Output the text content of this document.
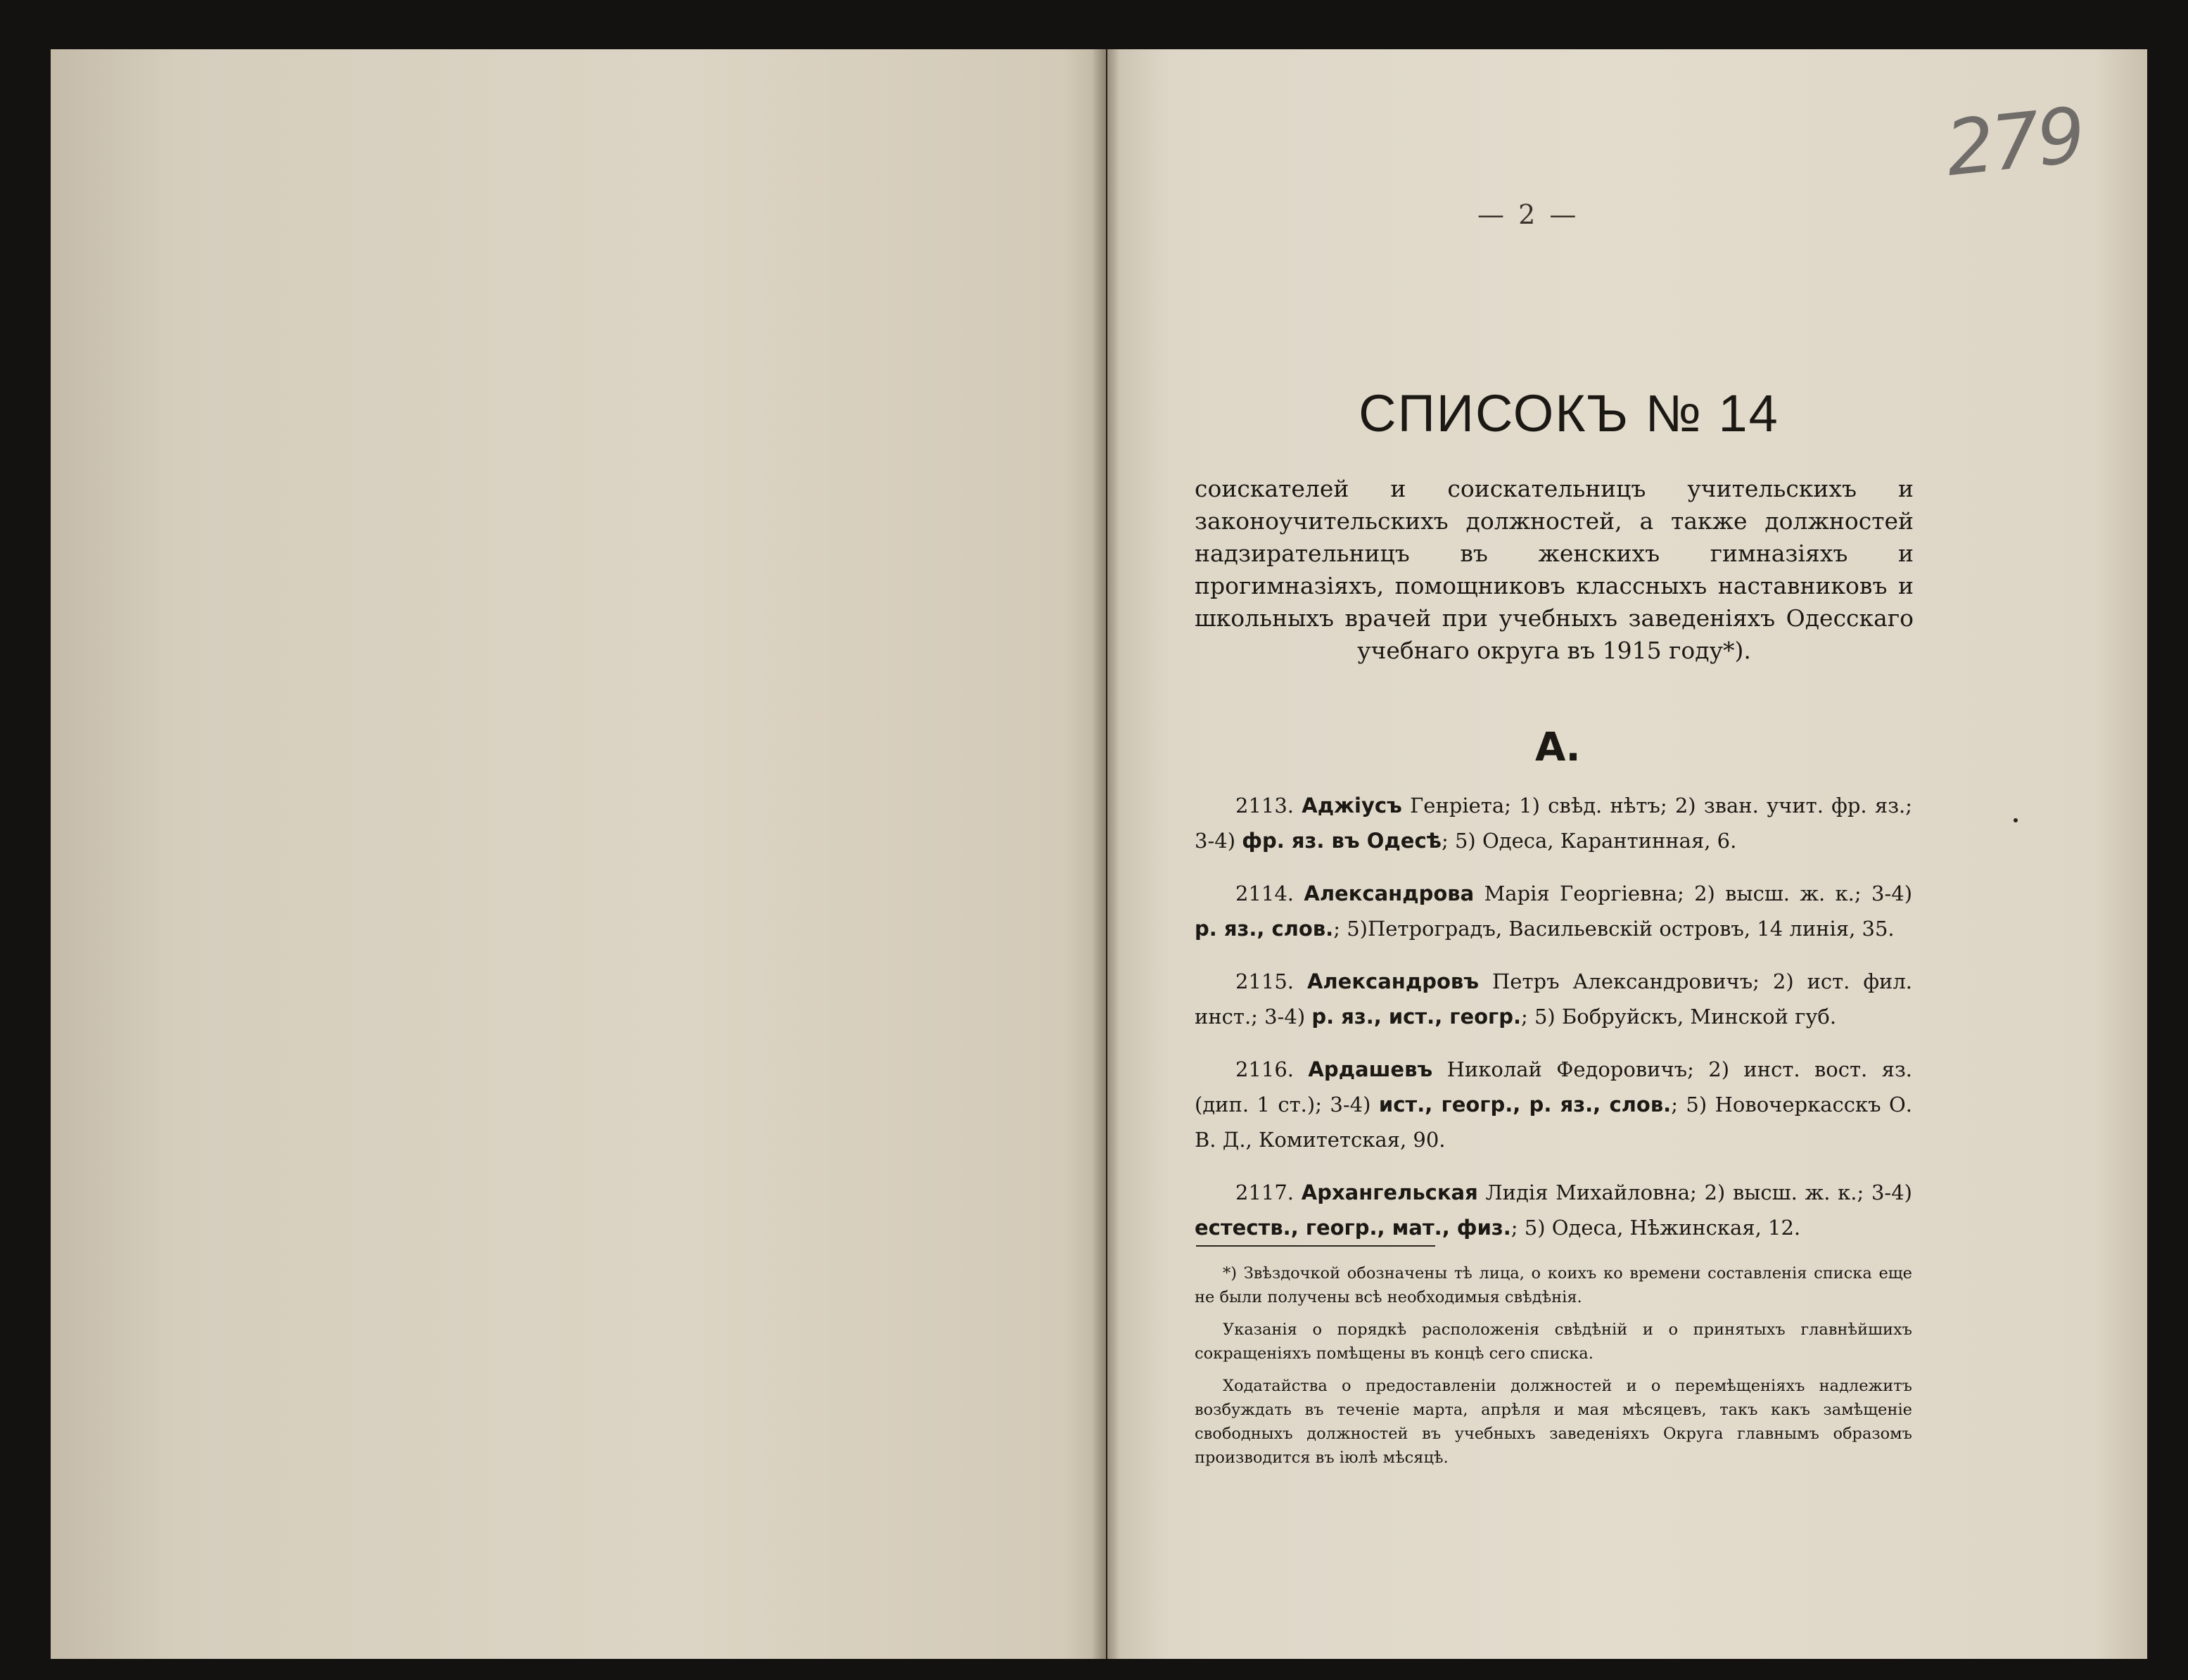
279
— 2 —
СПИСОКЪ № 14
соискателей и соискательницъ учительскихъ и законоучительскихъ должностей, а также должностей надзирательницъ въ женскихъ гимназіяхъ и прогимназіяхъ, помощниковъ классныхъ наставниковъ и школьныхъ врачей при учебныхъ заведеніяхъ Одесскаго учебнаго округа въ 1915 году*).
А.
2113. Аджіусъ Генріета; 1) свѣд. нѣтъ; 2) зван. учит. фр. яз.; 3-4) фр. яз. въ Одесѣ; 5) Одеса, Карантинная, 6.
2114. Александрова Марія Георгіевна; 2) высш. ж. к.; 3-4) р. яз., слов.; 5)Петроградъ, Васильевскій островъ, 14 линія, 35.
2115. Александровъ Петръ Александровичъ; 2) ист. фил. инст.; 3-4) р. яз., ист., геогр.; 5) Бобруйскъ, Минской губ.
2116. Ардашевъ Николай Федоровичъ; 2) инст. вост. яз. (дип. 1 ст.); 3-4) ист., геогр., р. яз., слов.; 5) Новочеркасскъ О. В. Д., Комитетская, 90.
2117. Архангельская Лидія Михайловна; 2) высш. ж. к.; 3-4) естеств., геогр., мат., физ.; 5) Одеса, Нѣжинская, 12.
*) Звѣздочкой обозначены тѣ лица, о коихъ ко времени составленія списка еще не были получены всѣ необходимыя свѣдѣнія.
Указанія о порядкѣ расположенія свѣдѣній и о принятыхъ главнѣйшихъ сокращеніяхъ помѣщены въ концѣ сего списка.
Ходатайства о предоставленіи должностей и о перемѣщеніяхъ надлежитъ возбуждать въ теченіе марта, апрѣля и мая мѣсяцевъ, такъ какъ замѣщеніе свободныхъ должностей въ учебныхъ заведеніяхъ Округа главнымъ образомъ производится въ іюлѣ мѣсяцѣ.
